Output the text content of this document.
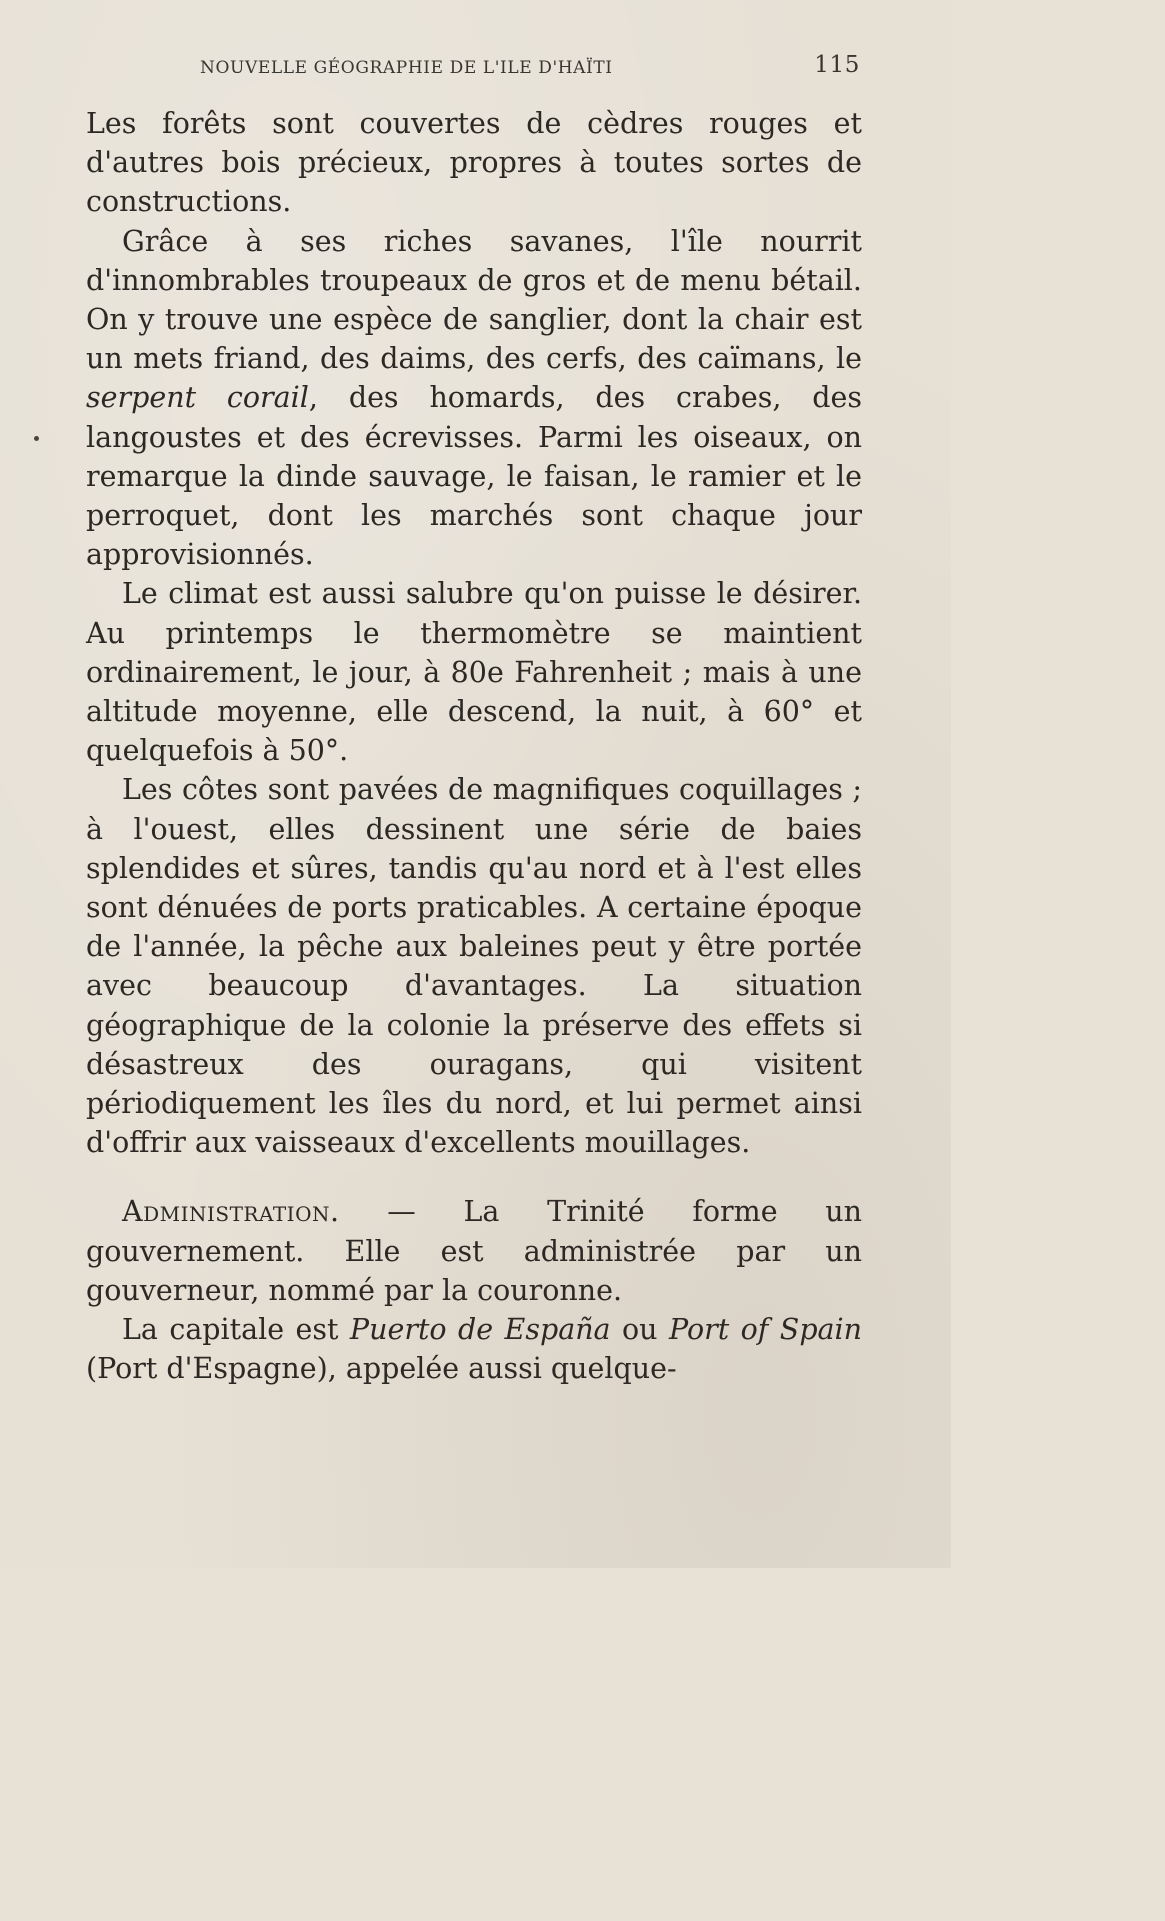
NOUVELLE GÉOGRAPHIE DE L'ILE D'HAÏTI	115

Les forêts sont couvertes de cèdres rouges et d'autres bois précieux, propres à toutes sortes de constructions.

Grâce à ses riches savanes, l'île nourrit d'innombrables troupeaux de gros et de menu bétail. On y trouve une espèce de sanglier, dont la chair est un mets friand, des daims, des cerfs, des caïmans, le serpent corail, des homards, des crabes, des langoustes et des écrevisses. Parmi les oiseaux, on remarque la dinde sauvage, le faisan, le ramier et le perroquet, dont les marchés sont chaque jour approvisionnés.

Le climat est aussi salubre qu'on puisse le désirer. Au printemps le thermomètre se maintient ordinairement, le jour, à 80e Fahrenheit ; mais à une altitude moyenne, elle descend, la nuit, à 60° et quelquefois à 50°.

Les côtes sont pavées de magnifiques coquillages ; à l'ouest, elles dessinent une série de baies splendides et sûres, tandis qu'au nord et à l'est elles sont dénuées de ports praticables. A certaine époque de l'année, la pêche aux baleines peut y être portée avec beaucoup d'avantages. La situation géographique de la colonie la préserve des effets si désastreux des ouragans, qui visitent périodiquement les îles du nord, et lui permet ainsi d'offrir aux vaisseaux d'excellents mouillages.

Administration. — La Trinité forme un gouvernement. Elle est administrée par un gouverneur, nommé par la couronne.

La capitale est Puerto de España ou Port of Spain (Port d'Espagne), appelée aussi quelque-
